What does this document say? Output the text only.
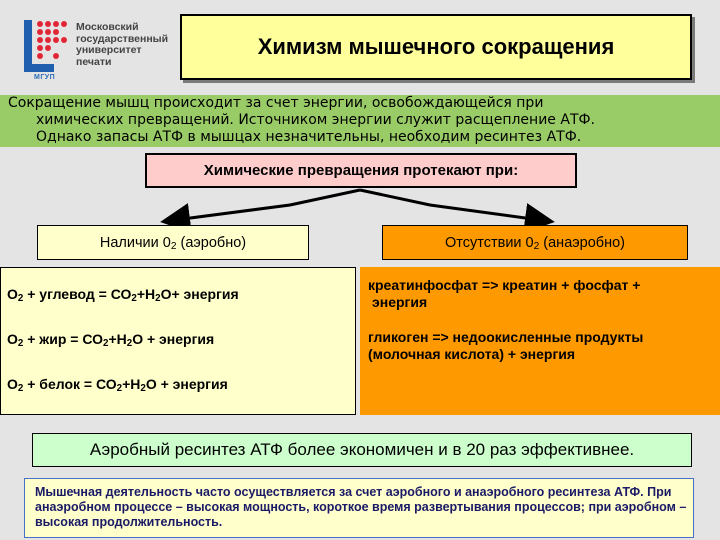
Московский
государственный
университет
печати
МГУП
Химизм мышечного сокращения
Сокращение мышц происходит за счет энергии, освобождающейся при
химических превращений. Источником энергии служит расщепление АТФ.
Однако запасы АТФ в мышцах незначительны, необходим ресинтез АТФ.
Химические превращения протекают при:
Наличии $0_2$ (аэробно)	Отсутствии $0_2$ (анаэробно)
$О_2$ + углевод = $СО_2+Н_2О+$ энергия
$О_2$ + жир = $СО_2+Н_2О$ + энергия
$О_2$ + белок = $СО_2+Н_2О$ + энергия
креатинфосфат => креатин + фосфат +
энергия
гликоген => недоокисленные продукты
(молочная кислота) + энергия
Аэробный ресинтез АТФ более экономичен и в 20 раз эффективнее.
Мышечная деятельность часто осуществляется за счет аэробного и анаэробного ресинтеза АТФ. При анаэробном процессе – высокая мощность, короткое время развертывания процессов; при аэробном – высокая продолжительность.
